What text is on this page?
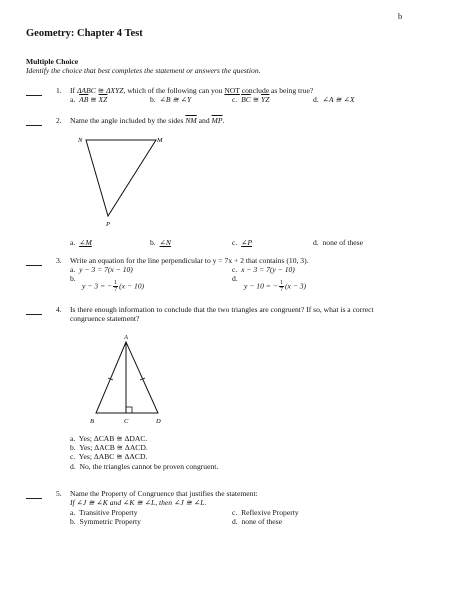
b
Geometry: Chapter 4 Test
Multiple Choice
Identify the choice that best completes the statement or answers the question.
1. If ΔABC ≅ ΔXYZ, which of the following can you NOT conclude as being true?
a. $\overline{AB}$ ≅ $\overline{XZ}$	b. ∠B ≅ ∠Y	c. $\overline{BC}$ ≅ $\overline{YZ}$	d. ∠A ≅ ∠X
2. Name the angle included by the sides $\overline{NM}$ and $\overline{MP}$.
N	M
P
a. ∠M	b. ∠N	c. ∠P	d. none of these
3. Write an equation for the line perpendicular to y = 7x + 2 that contains (10, 3).
a. y − 3 = 7(x − 10)	c. x − 3 = 7(y − 10)
b.
y − 3 = − $\frac{1}{7} (x - 10)$
d.
y − 10 = − $\frac{1}{7} (x - 3)$
4. Is there enough information to conclude that the two triangles are congruent? If so, what is a correct
congruence statement?
A
B	C	D
a. Yes; ΔCAB ≅ ΔDAC.
b. Yes; ΔACB ≅ ΔACD.
c. Yes; ΔABC ≅ ΔACD.
d. No, the triangles cannot be proven congruent.
5. Name the Property of Congruence that justifies the statement:
If ∠J ≅ ∠K and ∠K ≅ ∠L, then ∠J ≅ ∠L.
a. Transitive Property	c. Reflexive Property
b. Symmetric Property	d. none of these
